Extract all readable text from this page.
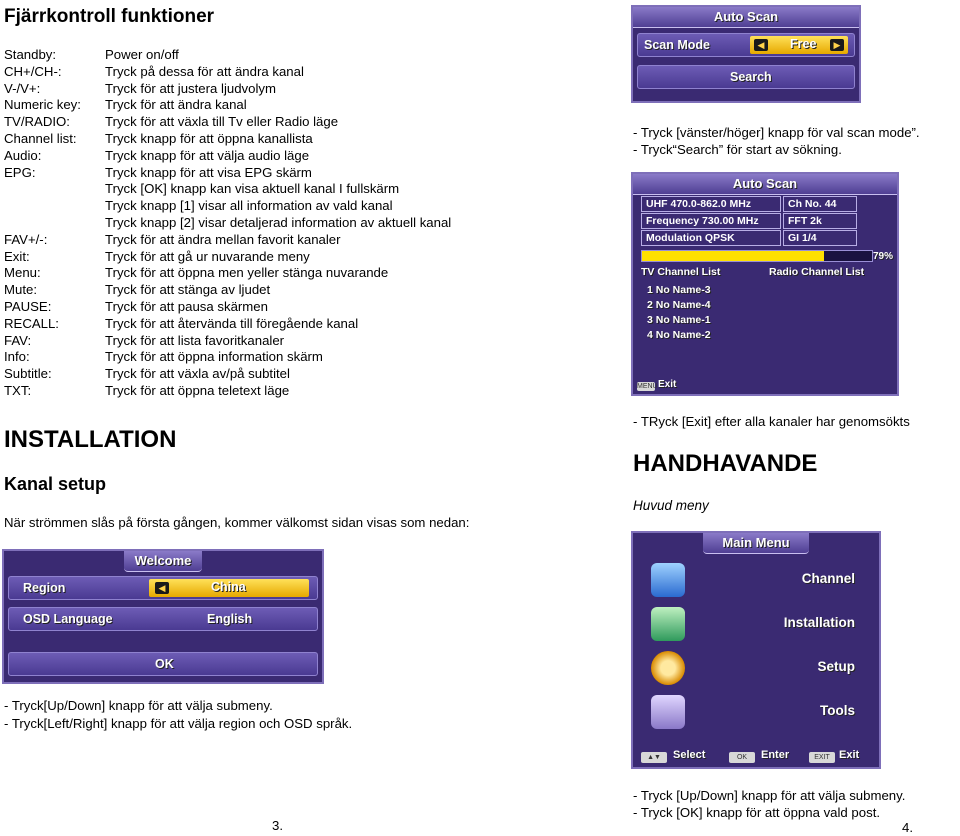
Fjärrkontroll funktioner
Standby:	Power on/off
CH+/CH-:	Tryck på dessa för att ändra kanal
V-/V+:	Tryck för att justera ljudvolym
Numeric key:	Tryck för att ändra kanal
TV/RADIO:	Tryck för att växla till Tv eller Radio läge
Channel list:	Tryck knapp för att öppna kanallista
Audio:	Tryck knapp för att välja audio läge
EPG:	Tryck knapp för att visa EPG skärm
Tryck [OK] knapp kan visa aktuell kanal I fullskärm
Tryck knapp [1] visar all information av vald kanal
Tryck knapp [2] visar detaljerad information av aktuell kanal
FAV+/-:	Tryck för att ändra mellan favorit kanaler
Exit:	Tryck för att gå ur nuvarande meny
Menu:	Tryck för att öppna men yeller stänga nuvarande
Mute:	Tryck för att stänga av ljudet
PAUSE:	Tryck för att pausa skärmen
RECALL:	Tryck för att återvända till föregående kanal
FAV:	Tryck för att lista favoritkanaler
Info:	Tryck för att öppna information skärm
Subtitle:	Tryck för att växla av/på subtitel
TXT:	Tryck för att öppna teletext läge
INSTALLATION
Kanal setup
När strömmen slås på första gången, kommer välkomst sidan visas som nedan:
Welcome
Region	◀	China
OSD Language	English
OK
- Tryck[Up/Down] knapp för att välja submeny.
- Tryck[Left/Right] knapp för att välja region och OSD språk.
3.
Auto Scan
Scan Mode	◀ Free	▶
Search
- Tryck [vänster/höger] knapp för val scan mode”.
- Tryck“Search” för start av sökning.
Auto Scan
UHF 470.0-862.0 MHz	Ch No. 44
Frequency 730.00 MHz	FFT 2k
Modulation QPSK	GI 1/4
79%
TV Channel List	Radio Channel List
1 No Name-3
2 No Name-4
3 No Name-1
4 No Name-2
MENU Exit
- TRyck [Exit] efter alla kanaler har genomsökts
HANDHAVANDE
Huvud meny
Main Menu
Channel
Installation
Setup
Tools
▲▼	Select	OK	Enter	EXIT Exit
- Tryck [Up/Down] knapp för att välja submeny.
- Tryck [OK] knapp för att öppna vald post.
4.
